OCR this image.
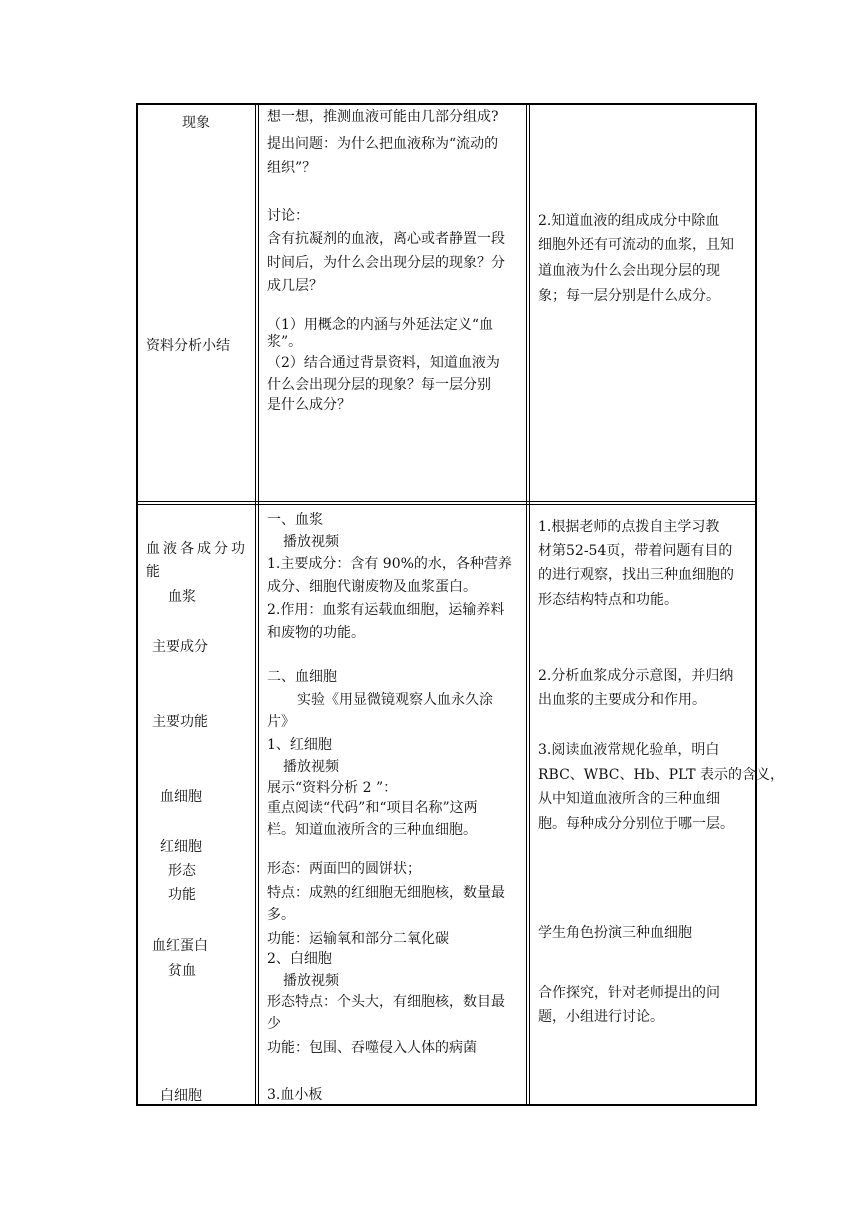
现象
资料分析小结
想一想，推测血液可能由几部分组成?
提出问题：为什么把血液称为“流动的
组织”？
讨论：
含有抗凝剂的血液，离心或者静置一段
时间后，为什么会出现分层的现象？分
成几层？
（1）用概念的内涵与外延法定义“血
浆”。
（2）结合通过背景资料，知道血液为
什么会出现分层的现象？每一层分别
是什么成分？
2.知道血液的组成成分中除血
细胞外还有可流动的血浆，且知
道血液为什么会出现分层的现
象；每一层分别是什么成分。
血液各成分功
能
血浆
主要成分
主要功能
血细胞
红细胞
形态
功能
血红蛋白
贫血
白细胞
一、血浆
播放视频
1.主要成分：含有 90%的水，各种营养
成分、细胞代谢废物及血浆蛋白。
2.作用：血浆有运载血细胞，运输养料
和废物的功能。
二、血细胞
实验《用显微镜观察人血永久涂
片》
1、红细胞
播放视频
展示“资料分析 2 ”：
重点阅读“代码”和“项目名称”这两
栏。知道血液所含的三种血细胞。
形态：两面凹的圆饼状；
特点：成熟的红细胞无细胞核，数量最
多。
功能：运输氧和部分二氧化碳
2、白细胞
播放视频
形态特点：个头大，有细胞核，数目最
少
功能：包围、吞噬侵入人体的病菌
3.血小板
1.根据老师的点拨自主学习教
材第52-54页，带着问题有目的
的进行观察，找出三种血细胞的
形态结构特点和功能。
2.分析血浆成分示意图，并归纳
出血浆的主要成分和作用。
3.阅读血液常规化验单，明白
RBC、WBC、Hb、PLT 表示的含义，
从中知道血液所含的三种血细
胞。每种成分分别位于哪一层。
学生角色扮演三种血细胞
合作探究，针对老师提出的问
题，小组进行讨论。
